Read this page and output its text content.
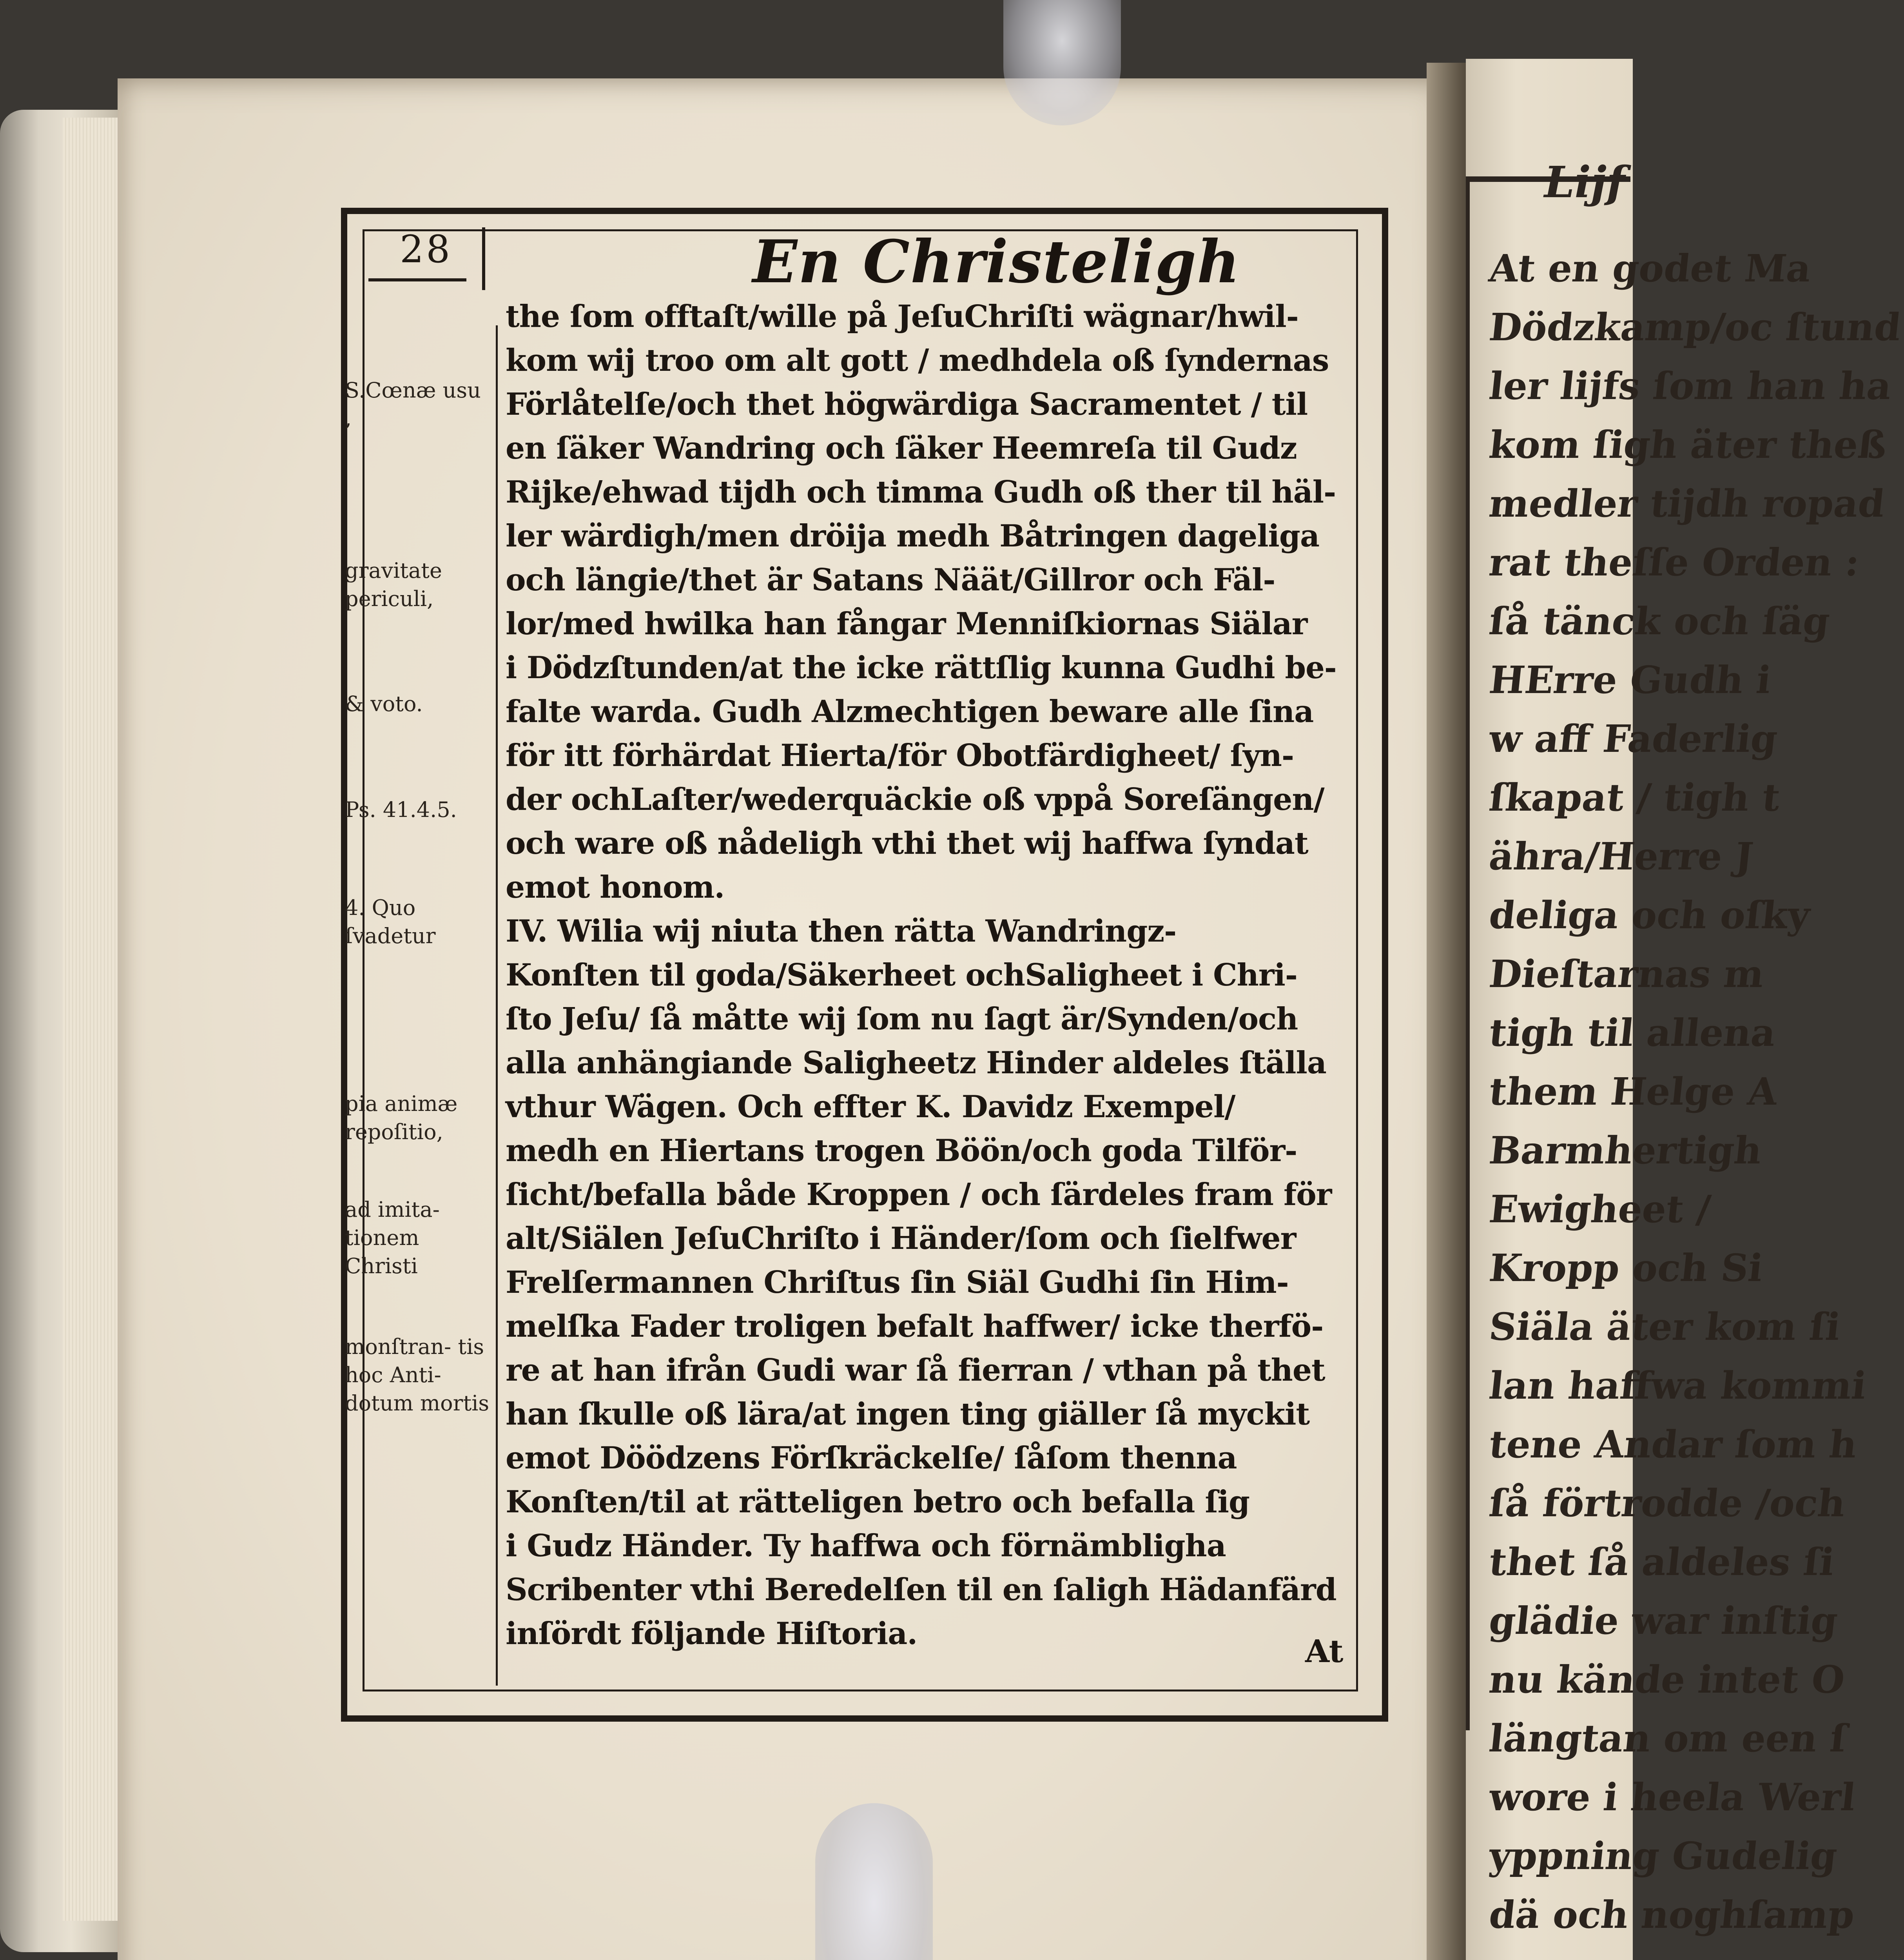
Lijf
At en godet Ma
Dödzkamp/oc ſtund
ler lijfs ſom han ha
kom ſigh äter theß
medler tijdh ropad
rat theſſe Orden :
ſå tänck och ſäg
HErre Gudh i
w aff Faderlig
ſkapat / tigh t
ähra/Herre J
deliga och oſky
Dieſtarnas m
tigh til allena
them Helge A
Barmhertigh
Ewigheet /
Kropp och Si
Siäla äter kom ſi
lan haffwa kommi
tene Andar ſom h
ſå förtrodde /och
thet ſå aldeles ſi
glädie war inſtig
nu kände intet O
längtan om een ſ
wore i heela Werl
yppning Gudelig
dä och noghſamp
28	En Christeligh
S.Cœnæ usu ,
gravitate periculi,
& voto.
Ps. 41.4.5.
4. Quo ſvadetur
pia animæ repoſitio,
ad imita- tionem Christi
monſtran- tis hoc Anti- dotum mortis
the ſom offtaſt/wille på JeſuChriſti wägnar/hwil-
kom wij troo om alt gott / medhdela oß ſyndernas
Förlåtelſe/och thet högwärdiga Sacramentet / til
en ſäker Wandring och ſäker Heemreſa til Gudz
Rijke/ehwad tijdh och timma Gudh oß ther til häl-
ler wärdigh/men dröija medh Båtringen dageliga
och längie/thet är Satans Näät/Gillror och Fäl-
lor/med hwilka han fångar Menniſkiornas Siälar
i Dödzſtunden/at the icke rättſlig kunna Gudhi be-
falte warda. Gudh Alzmechtigen beware alle ſina
för itt förhärdat Hierta/för Obotfärdigheet/ ſyn-
der ochLaſter/wederquäckie oß vppå Soreſängen/
och ware oß nådeligh vthi thet wij haffwa ſyndat
emot honom.
IV. Wilia wij niuta then rätta Wandringz-
Konſten til goda/Säkerheet ochSaligheet i Chri-
ſto Jeſu/ ſå måtte wij ſom nu ſagt är/Synden/och
alla anhängiande Saligheetz Hinder aldeles ſtälla
vthur Wägen. Och effter K. Davidz Exempel/
medh en Hiertans trogen Böön/och goda Tilför-
ſicht/befalla både Kroppen / och ſärdeles fram för
alt/Siälen JeſuChriſto i Händer/ſom och ſielfwer
Frelſermannen Chriſtus ſin Siäl Gudhi ſin Him-
melſka Fader troligen befalt haffwer/ icke therfö-
re at han ifrån Gudi war ſå fierran / vthan på thet
han ſkulle oß lära/at ingen ting giäller ſå myckit
emot Döödzens Förſkräckelſe/ ſåſom thenna
Konſten/til at rätteligen betro och befalla ſig
i Gudz Händer. Ty haffwa och förnämbligha
Scribenter vthi Beredelſen til en ſaligh Hädanfärd
inſördt följande Hiſtoria.	At
